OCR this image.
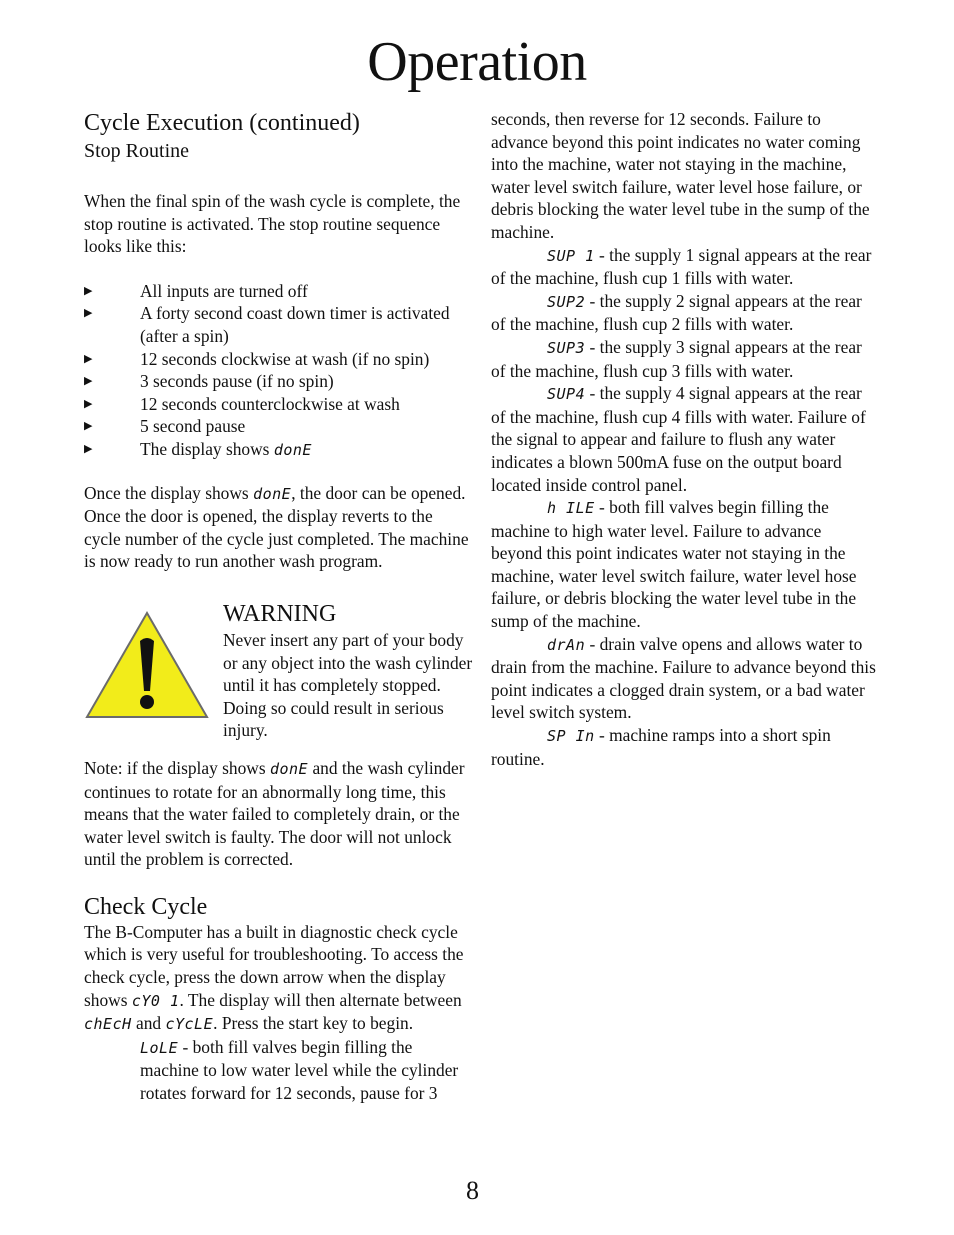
Operation
Cycle Execution (continued)
Stop Routine

When the final spin of the wash cycle is complete, the stop routine is activated. The stop routine sequence looks like this:

▶	All inputs are turned off
▶	A forty second coast down timer is activated (after a spin)
▶	12 seconds clockwise at wash (if no spin)
▶	3 seconds pause (if no spin)
▶	12 seconds counterclockwise at wash
▶	5 second pause
▶	The display shows donE

Once the display shows donE, the door can be opened. Once the door is opened, the display reverts to the cycle number of the cycle just completed. The machine is now ready to run another wash program.

WARNING

Never insert any part of your body or any object into the wash cylinder until it has completely stopped. Doing so could result in serious injury.

Note: if the display shows donE and the wash cylinder continues to rotate for an abnormally long time, this means that the water failed to completely drain, or the water level switch is faulty. The door will not unlock until the problem is corrected.

Check Cycle

The B-Computer has a built in diagnostic check cycle which is very useful for troubleshooting. To access the check cycle, press the down arrow when the display shows cY0 1. The display will then alternate between chEcH and cYcLE. Press the start key to begin.

LoLE - both fill valves begin filling the machine to low water level while the cylinder rotates forward for 12 seconds, pause for 3

seconds, then reverse for 12 seconds. Failure to advance beyond this point indicates no water coming into the machine, water not staying in the machine, water level switch failure, water level hose failure, or debris blocking the water level tube in the sump of the machine.

SUP 1 - the supply 1 signal appears at the rear of the machine, flush cup 1 fills with water.

SUP2 - the supply 2 signal appears at the rear of the machine, flush cup 2 fills with water.

SUP3 - the supply 3 signal appears at the rear of the machine, flush cup 3 fills with water.

SUP4 - the supply 4 signal appears at the rear of the machine, flush cup 4 fills with water. Failure of the signal to appear and failure to flush any water indicates a blown 500mA fuse on the output board located inside control panel.

h ILE - both fill valves begin filling the machine to high water level. Failure to advance beyond this point indicates water not staying in the machine, water level switch failure, water level hose failure, or debris blocking the water level tube in the sump of the machine.

drAn - drain valve opens and allows water to drain from the machine. Failure to advance beyond this point indicates a clogged drain system, or a bad water level switch system.

SP In - machine ramps into a short spin routine.

8
